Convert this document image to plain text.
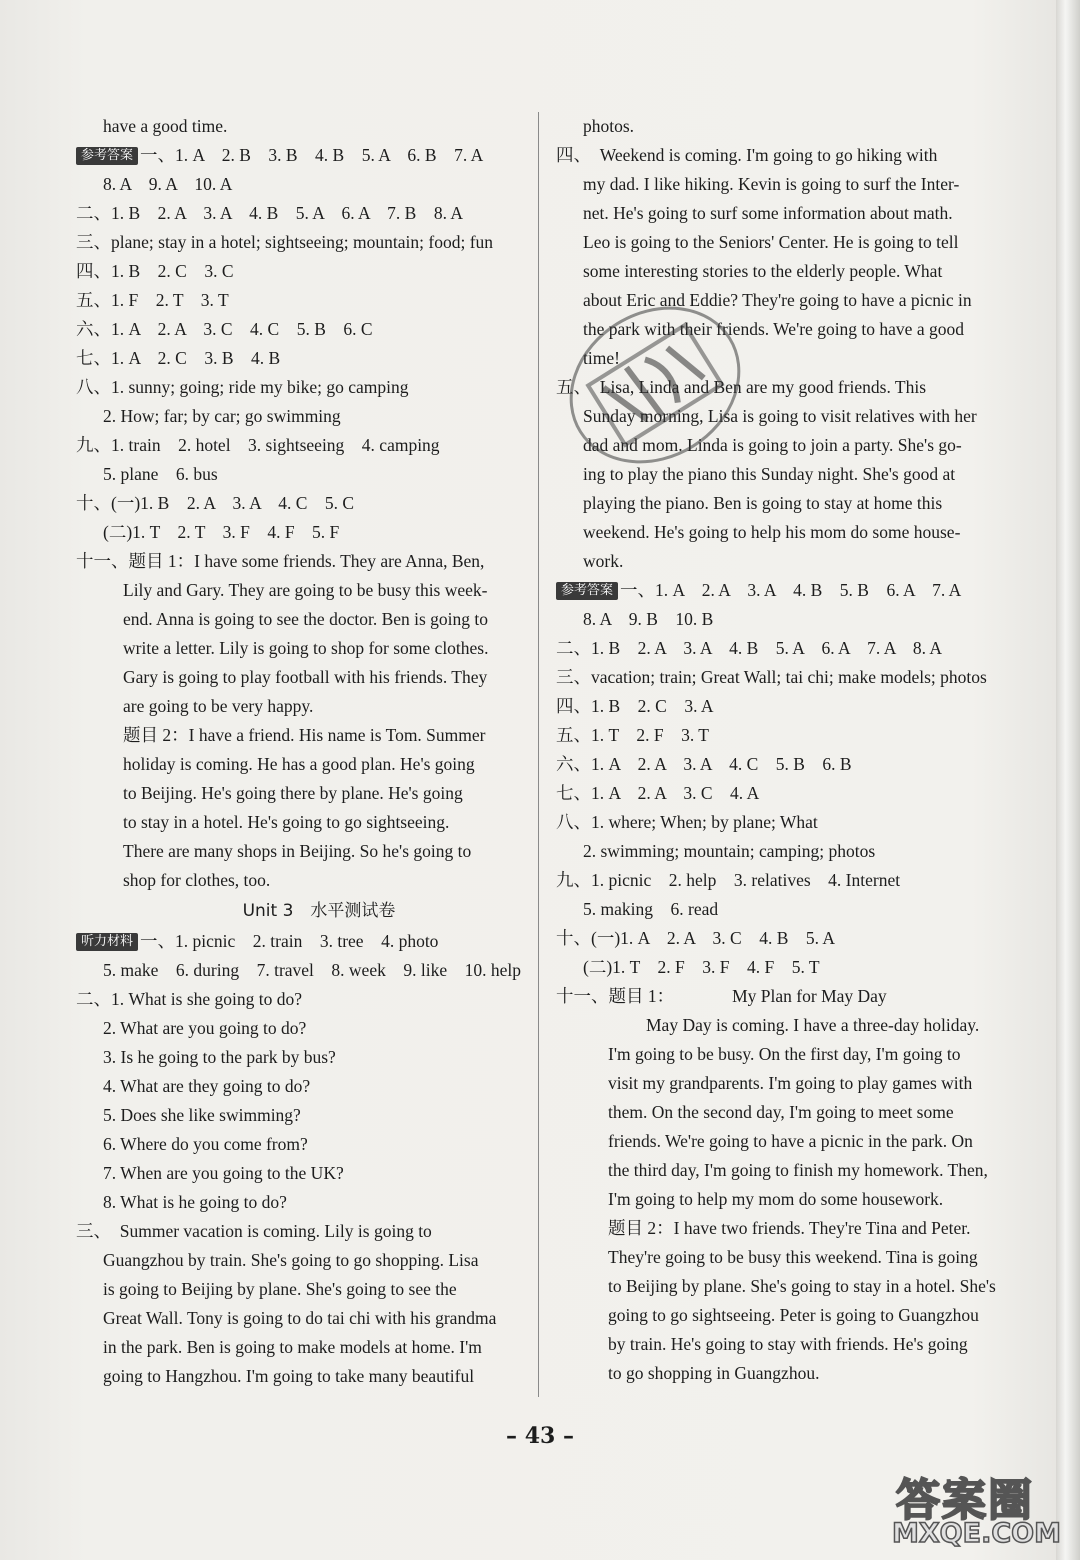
have a good time.
参考答案 一、1. A　2. B　3. B　4. B　5. A　6. B　7. A
8. A　9. A　10. A
二、1. B　2. A　3. A　4. B　5. A　6. A　7. B　8. A
三、plane; stay in a hotel; sightseeing; mountain; food; fun
四、1. B　2. C　3. C
五、1. F　2. T　3. T
六、1. A　2. A　3. C　4. C　5. B　6. C
七、1. A　2. C　3. B　4. B
八、1. sunny; going; ride my bike; go camping
2. How; far; by car; go swimming
九、1. train　2. hotel　3. sightseeing　4. camping
5. plane　6. bus
十、(一)1. B　2. A　3. A　4. C　5. C
(二)1. T　2. T　3. F　4. F　5. F
十一、题目 1：I have some friends. They are Anna, Ben,
Lily and Gary. They are going to be busy this week-
end. Anna is going to see the doctor. Ben is going to
write a letter. Lily is going to shop for some clothes.
Gary is going to play football with his friends. They
are going to be very happy.
题目 2：I have a friend. His name is Tom. Summer
holiday is coming. He has a good plan. He's going
to Beijing. He's going there by plane. He's going
to stay in a hotel. He's going to go sightseeing.
There are many shops in Beijing. So he's going to
shop for clothes, too.
Unit 3　水平测试卷
听力材料 一、1. picnic　2. train　3. tree　4. photo
5. make　6. during　7. travel　8. week　9. like　10. help
二、1. What is she going to do?
2. What are you going to do?
3. Is he going to the park by bus?
4. What are they going to do?
5. Does she like swimming?
6. Where do you come from?
7. When are you going to the UK?
8. What is he going to do?
三、　Summer vacation is coming. Lily is going to
Guangzhou by train. She's going to go shopping. Lisa
is going to Beijing by plane. She's going to see the
Great Wall. Tony is going to do tai chi with his grandma
in the park. Ben is going to make models at home. I'm
going to Hangzhou. I'm going to take many beautiful
photos.
四、　Weekend is coming. I'm going to go hiking with
my dad. I like hiking. Kevin is going to surf the Inter-
net. He's going to surf some information about math.
Leo is going to the Seniors' Center. He is going to tell
some interesting stories to the elderly people. What
about Eric and Eddie? They're going to have a picnic in
the park with their friends. We're going to have a good
time!
五、　Lisa, Linda and Ben are my good friends. This
Sunday morning, Lisa is going to visit relatives with her
dad and mom. Linda is going to join a party. She's go-
ing to play the piano this Sunday night. She's good at
playing the piano. Ben is going to stay at home this
weekend. He's going to help his mom do some house-
work.
参考答案 一、1. A　2. A　3. A　4. B　5. B　6. A　7. A
8. A　9. B　10. B
二、1. B　2. A　3. A　4. B　5. A　6. A　7. A　8. A
三、vacation; train; Great Wall; tai chi; make models; photos
四、1. B　2. C　3. A
五、1. T　2. F　3. T
六、1. A　2. A　3. A　4. C　5. B　6. B
七、1. A　2. A　3. C　4. A
八、1. where; When; by plane; What
2. swimming; mountain; camping; photos
九、1. picnic　2. help　3. relatives　4. Internet
5. making　6. read
十、(一)1. A　2. A　3. C　4. B　5. A
(二)1. T　2. F　3. F　4. F　5. T
十一、题目 1：	My Plan for May Day
May Day is coming. I have a three-day holiday.
I'm going to be busy. On the first day, I'm going to
visit my grandparents. I'm going to play games with
them. On the second day, I'm going to meet some
friends. We're going to have a picnic in the park. On
the third day, I'm going to finish my homework. Then,
I'm going to help my mom do some housework.
题目 2：I have two friends. They're Tina and Peter.
They're going to be busy this weekend. Tina is going
to Beijing by plane. She's going to stay in a hotel. She's
going to go sightseeing. Peter is going to Guangzhou
by train. He's going to stay with friends. He's going
to go shopping in Guangzhou.
– 43 –
答案圈
MXQE.COM
